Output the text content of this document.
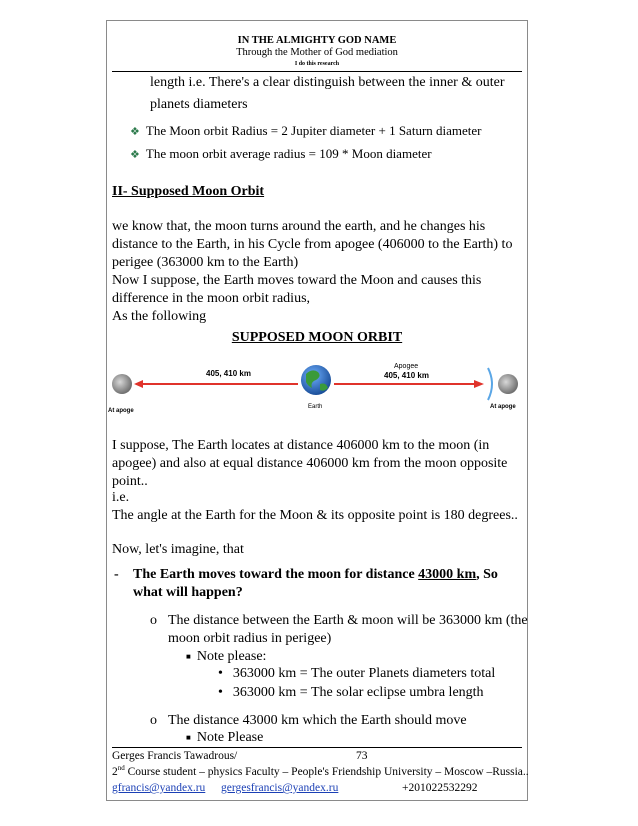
IN THE ALMIGHTY GOD NAME
Through the Mother of God mediation
I do this research
length i.e. There's a clear distinguish between the inner & outer
planets diameters
❖ The Moon orbit Radius = 2 Jupiter diameter + 1 Saturn diameter
❖ The moon orbit average radius = 109 * Moon diameter
II- Supposed Moon Orbit
we know that, the moon turns around the earth, and he changes his
distance to the Earth, in his Cycle from apogee (406000 to the Earth) to
perigee (363000 km to the Earth)
Now I suppose, the Earth moves toward the Moon and causes this
difference in the moon orbit radius,
As the following
SUPPOSED MOON ORBIT
405, 410 km
Apogee
405, 410 km
Earth
At apoge
At apoge
I suppose, The Earth locates at distance 406000 km to the moon (in
apogee) and also at equal distance 406000 km from the moon opposite
point..
i.e.
The angle at the Earth for the Moon & its opposite point is 180 degrees..
Now, let's imagine, that
- The Earth moves toward the moon for distance 43000 km, So
what will happen?
o The distance between the Earth & moon will be 363000 km (the
moon orbit radius in perigee)
■ Note please:
• 363000 km = The outer Planets diameters total
• 363000 km = The solar eclipse umbra length
o The distance 43000 km which the Earth should move
■ Note Please
Gerges Francis Tawadrous/	73
2nd Course student – physics Faculty – People's Friendship University – Moscow –Russia..
gfrancis@yandex.ru gergesfrancis@yandex.ru	+201022532292
